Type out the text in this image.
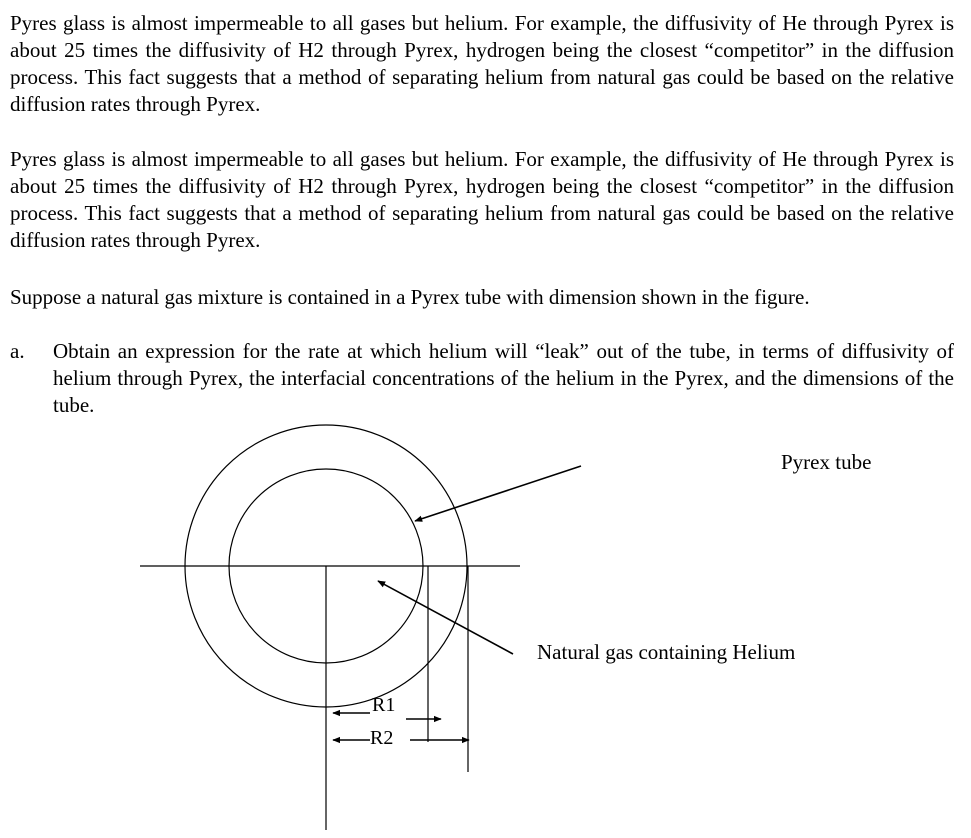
Pyres glass is almost impermeable to all gases but helium. For example, the diffusivity of He through Pyrex is about 25 times the diffusivity of H2 through Pyrex, hydrogen being the closest “competitor” in the diffusion process. This fact suggests that a method of separating helium from natural gas could be based on the relative diffusion rates through Pyrex.

Pyres glass is almost impermeable to all gases but helium. For example, the diffusivity of He through Pyrex is about 25 times the diffusivity of H2 through Pyrex, hydrogen being the closest “competitor” in the diffusion process. This fact suggests that a method of separating helium from natural gas could be based on the relative diffusion rates through Pyrex.

Suppose a natural gas mixture is contained in a Pyrex tube with dimension shown in the figure.

a. Obtain an expression for the rate at which helium will “leak” out of the tube, in terms of diffusivity of helium through Pyrex, the interfacial concentrations of the helium in the Pyrex, and the dimensions of the tube.

Pyrex tube
Natural gas containing Helium
R1
R2
